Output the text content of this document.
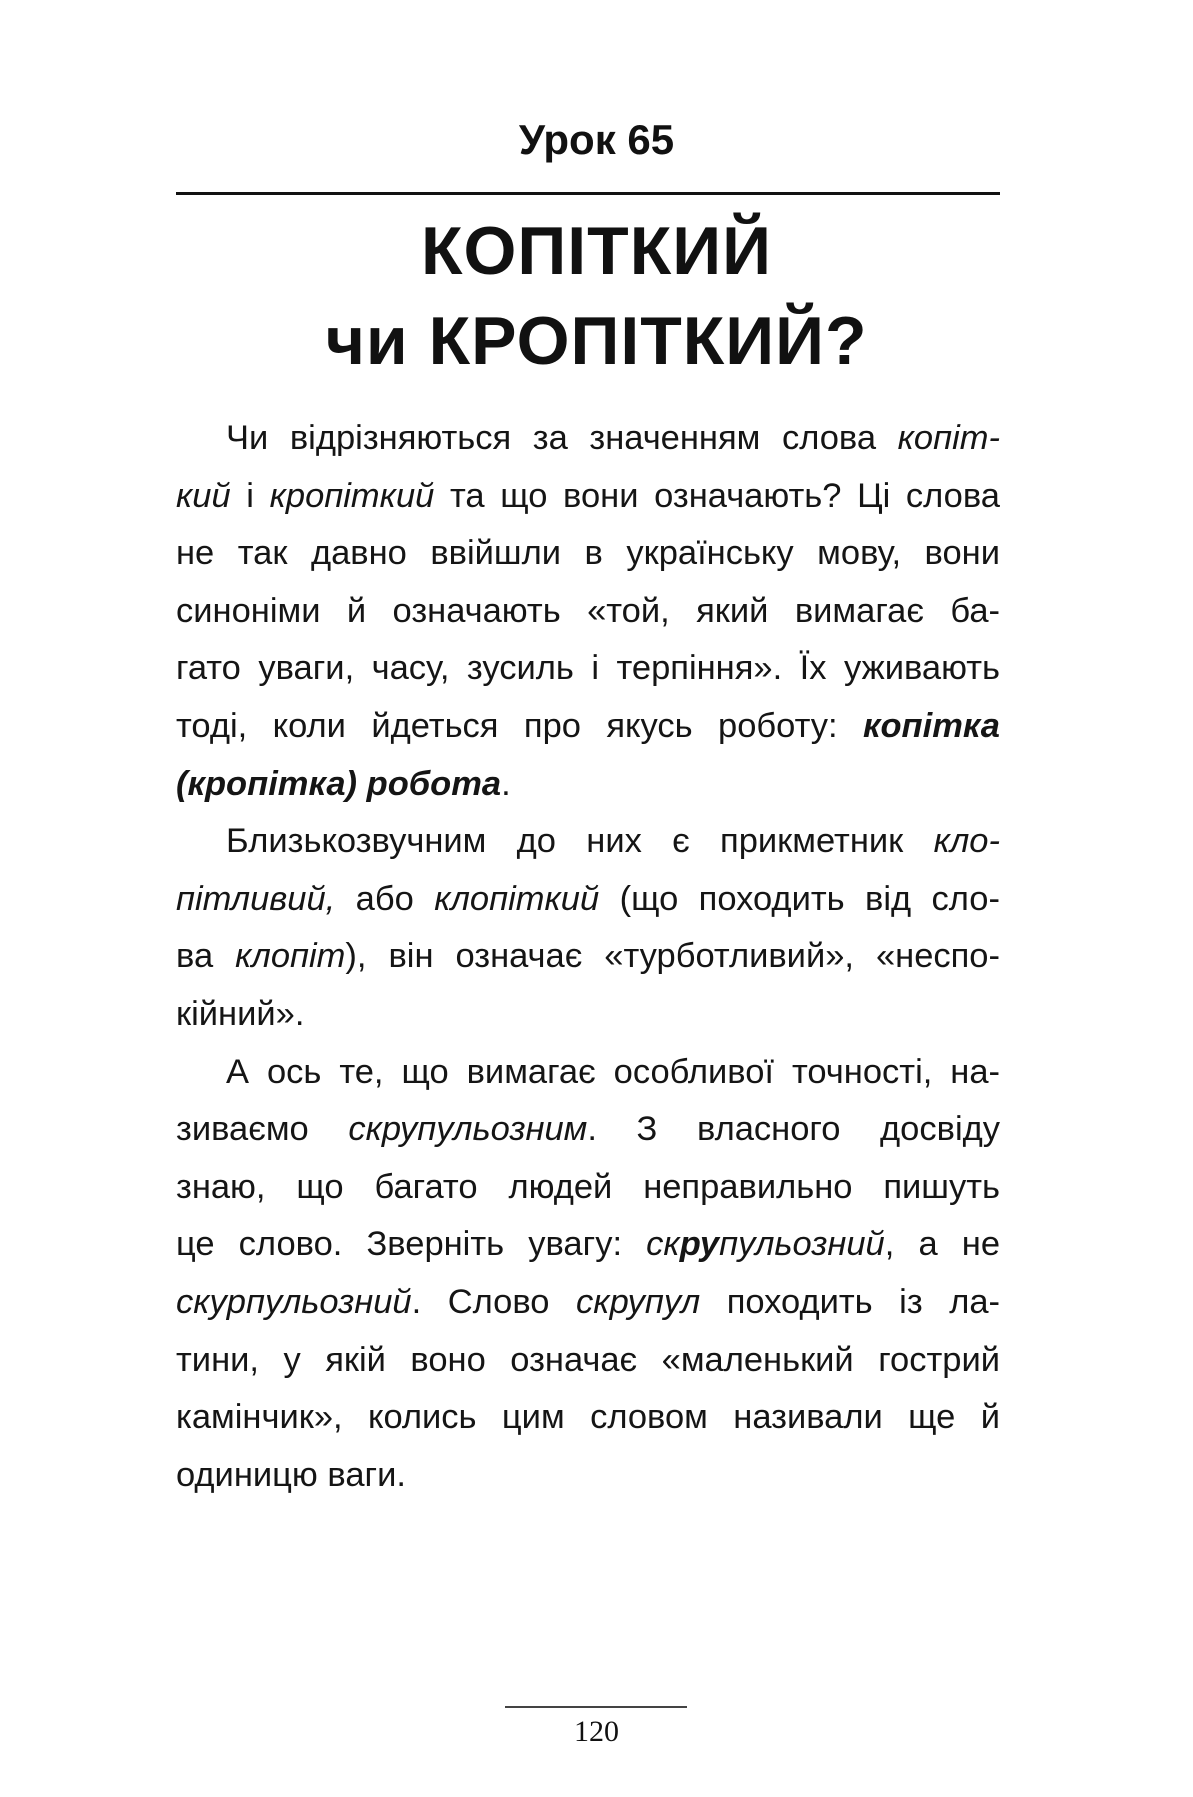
Урок 65
КОПІТКИЙ
чи КРОПІТКИЙ?
Чи відрізняються за значенням слова копіт-
кий і кропіткий та що вони означають? Ці слова
не так давно ввійшли в українську мову, вони
синоніми й означають «той, який вимагає ба-
гато уваги, часу, зусиль і терпіння». Їх уживають
тоді, коли йдеться про якусь роботу: копітка
(кропітка) робота.
Близькозвучним до них є прикметник кло-
пітливий, або клопіткий (що походить від сло-
ва клопіт), він означає «турботливий», «неспо-
кійний».
А ось те, що вимагає особливої точності, на-
зиваємо скрупульозним. З власного досвіду
знаю, що багато людей неправильно пишуть
це слово. Зверніть увагу: скрупульозний, а не
скурпульозний. Слово скрупул походить із ла-
тини, у якій воно означає «маленький гострий
камінчик», колись цим словом називали ще й
одиницю ваги.
120
